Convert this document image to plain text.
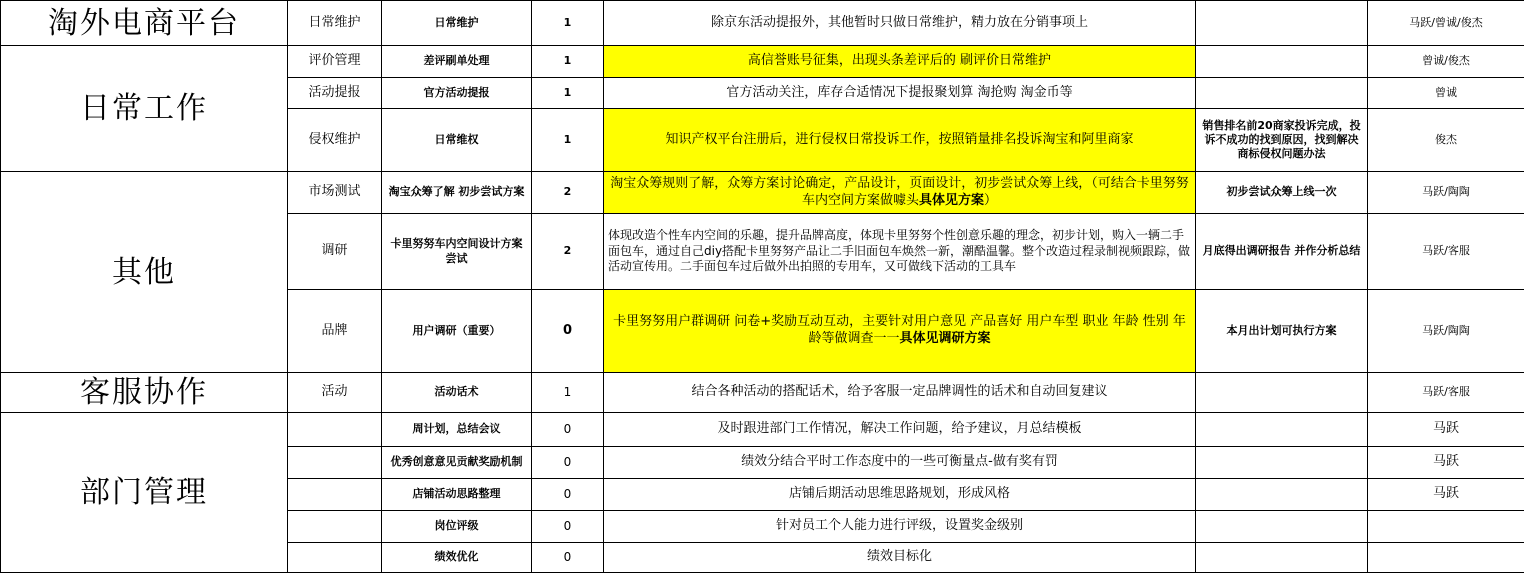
淘外电商平台	日常维护	日常维护	1	除京东活动提报外，其他暂时只做日常维护，精力放在分销事项上		马跃/曾诚/俊杰
日常工作	评价管理	差评刷单处理	1	高信誉账号征集，出现头条差评后的 刷评价日常维护		曾诚/俊杰
	活动提报	官方活动提报	1	官方活动关注，库存合适情况下提报聚划算 淘抢购 淘金币等		曾诚
	侵权维护	日常维权	1	知识产权平台注册后，进行侵权日常投诉工作，按照销量排名投诉淘宝和阿里商家	销售排名前20商家投诉完成，投诉不成功的找到原因，找到解决商标侵权问题办法	俊杰
其他	市场测试	淘宝众筹了解 初步尝试方案	2	淘宝众筹规则了解，众筹方案讨论确定，产品设计，页面设计，初步尝试众筹上线，（可结合卡里努努车内空间方案做噱头具体见方案）	初步尝试众筹上线一次	马跃/陶陶
	调研	卡里努努车内空间设计方案尝试	2	体现改造个性车内空间的乐趣，提升品牌高度，体现卡里努努个性创意乐趣的理念，初步计划，购入一辆二手面包车，通过自己diy搭配卡里努努产品让二手旧面包车焕然一新，潮酷温馨。整个改造过程录制视频跟踪，做活动宣传用。二手面包车过后做外出拍照的专用车，又可做线下活动的工具车	月底得出调研报告 并作分析总结	马跃/客服
	品牌	用户调研（重要）	0	卡里努努用户群调研 问卷+奖励互动互动，主要针对用户意见 产品喜好 用户车型 职业 年龄 性别 年龄等做调查一一具体见调研方案	本月出计划可执行方案	马跃/陶陶
客服协作	活动	活动话术	1	结合各种活动的搭配话术，给予客服一定品牌调性的话术和自动回复建议		马跃/客服
部门管理		周计划，总结会议	0	及时跟进部门工作情况，解决工作问题，给予建议，月总结模板		马跃
		优秀创意意见贡献奖励机制	0	绩效分结合平时工作态度中的一些可衡量点-做有奖有罚		马跃
		店铺活动思路整理	0	店铺后期活动思维思路规划，形成风格		马跃
		岗位评级	0	针对员工个人能力进行评级，设置奖金级别		
		绩效优化	0	绩效目标化		
